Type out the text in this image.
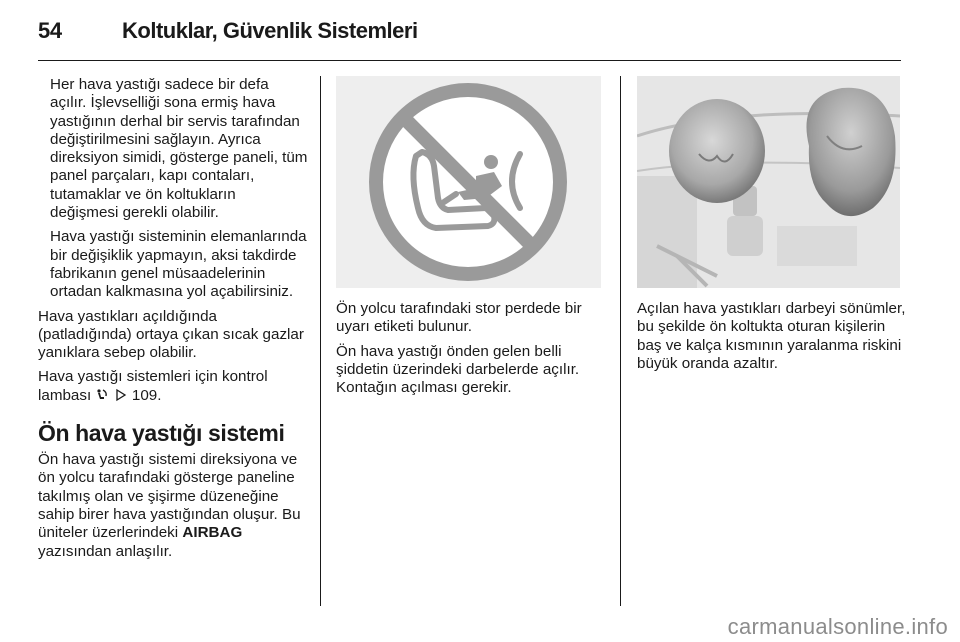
54	Koltuklar, Güvenlik Sistemleri

Her hava yastığı sadece bir defa açılır. İşlevselliği sona ermiş hava yastığının derhal bir servis tarafından değiştirilmesini sağlayın. Ayrıca direksiyon simidi, gösterge paneli, tüm panel parçaları, kapı contaları, tutamaklar ve ön koltukların değişmesi gerekli olabilir.

Hava yastığı sisteminin elemanlarında bir değişiklik yapmayın, aksi takdirde fabrikanın genel müsaadelerinin ortadan kalkmasına yol açabilirsiniz.

Hava yastıkları açıldığında (patladığında) ortaya çıkan sıcak gazlar yanıklara sebep olabilir.

Hava yastığı sistemleri için kontrol lambası	109.

Ön hava yastığı sistemi

Ön hava yastığı sistemi direksiyona ve ön yolcu tarafındaki gösterge paneline takılmış olan ve şişirme düzeneğine sahip birer hava yastığından oluşur. Bu üniteler üzerlerindeki AIRBAG yazısından anlaşılır.

Ön yolcu tarafındaki stor perdede bir uyarı etiketi bulunur.

Ön hava yastığı önden gelen belli şiddetin üzerindeki darbelerde açılır. Kontağın açılması gerekir.

Açılan hava yastıkları darbeyi sönümler, bu şekilde ön koltukta oturan kişilerin baş ve kalça kısmının yaralanma riskini büyük oranda azaltır.

carmanualsonline.info
